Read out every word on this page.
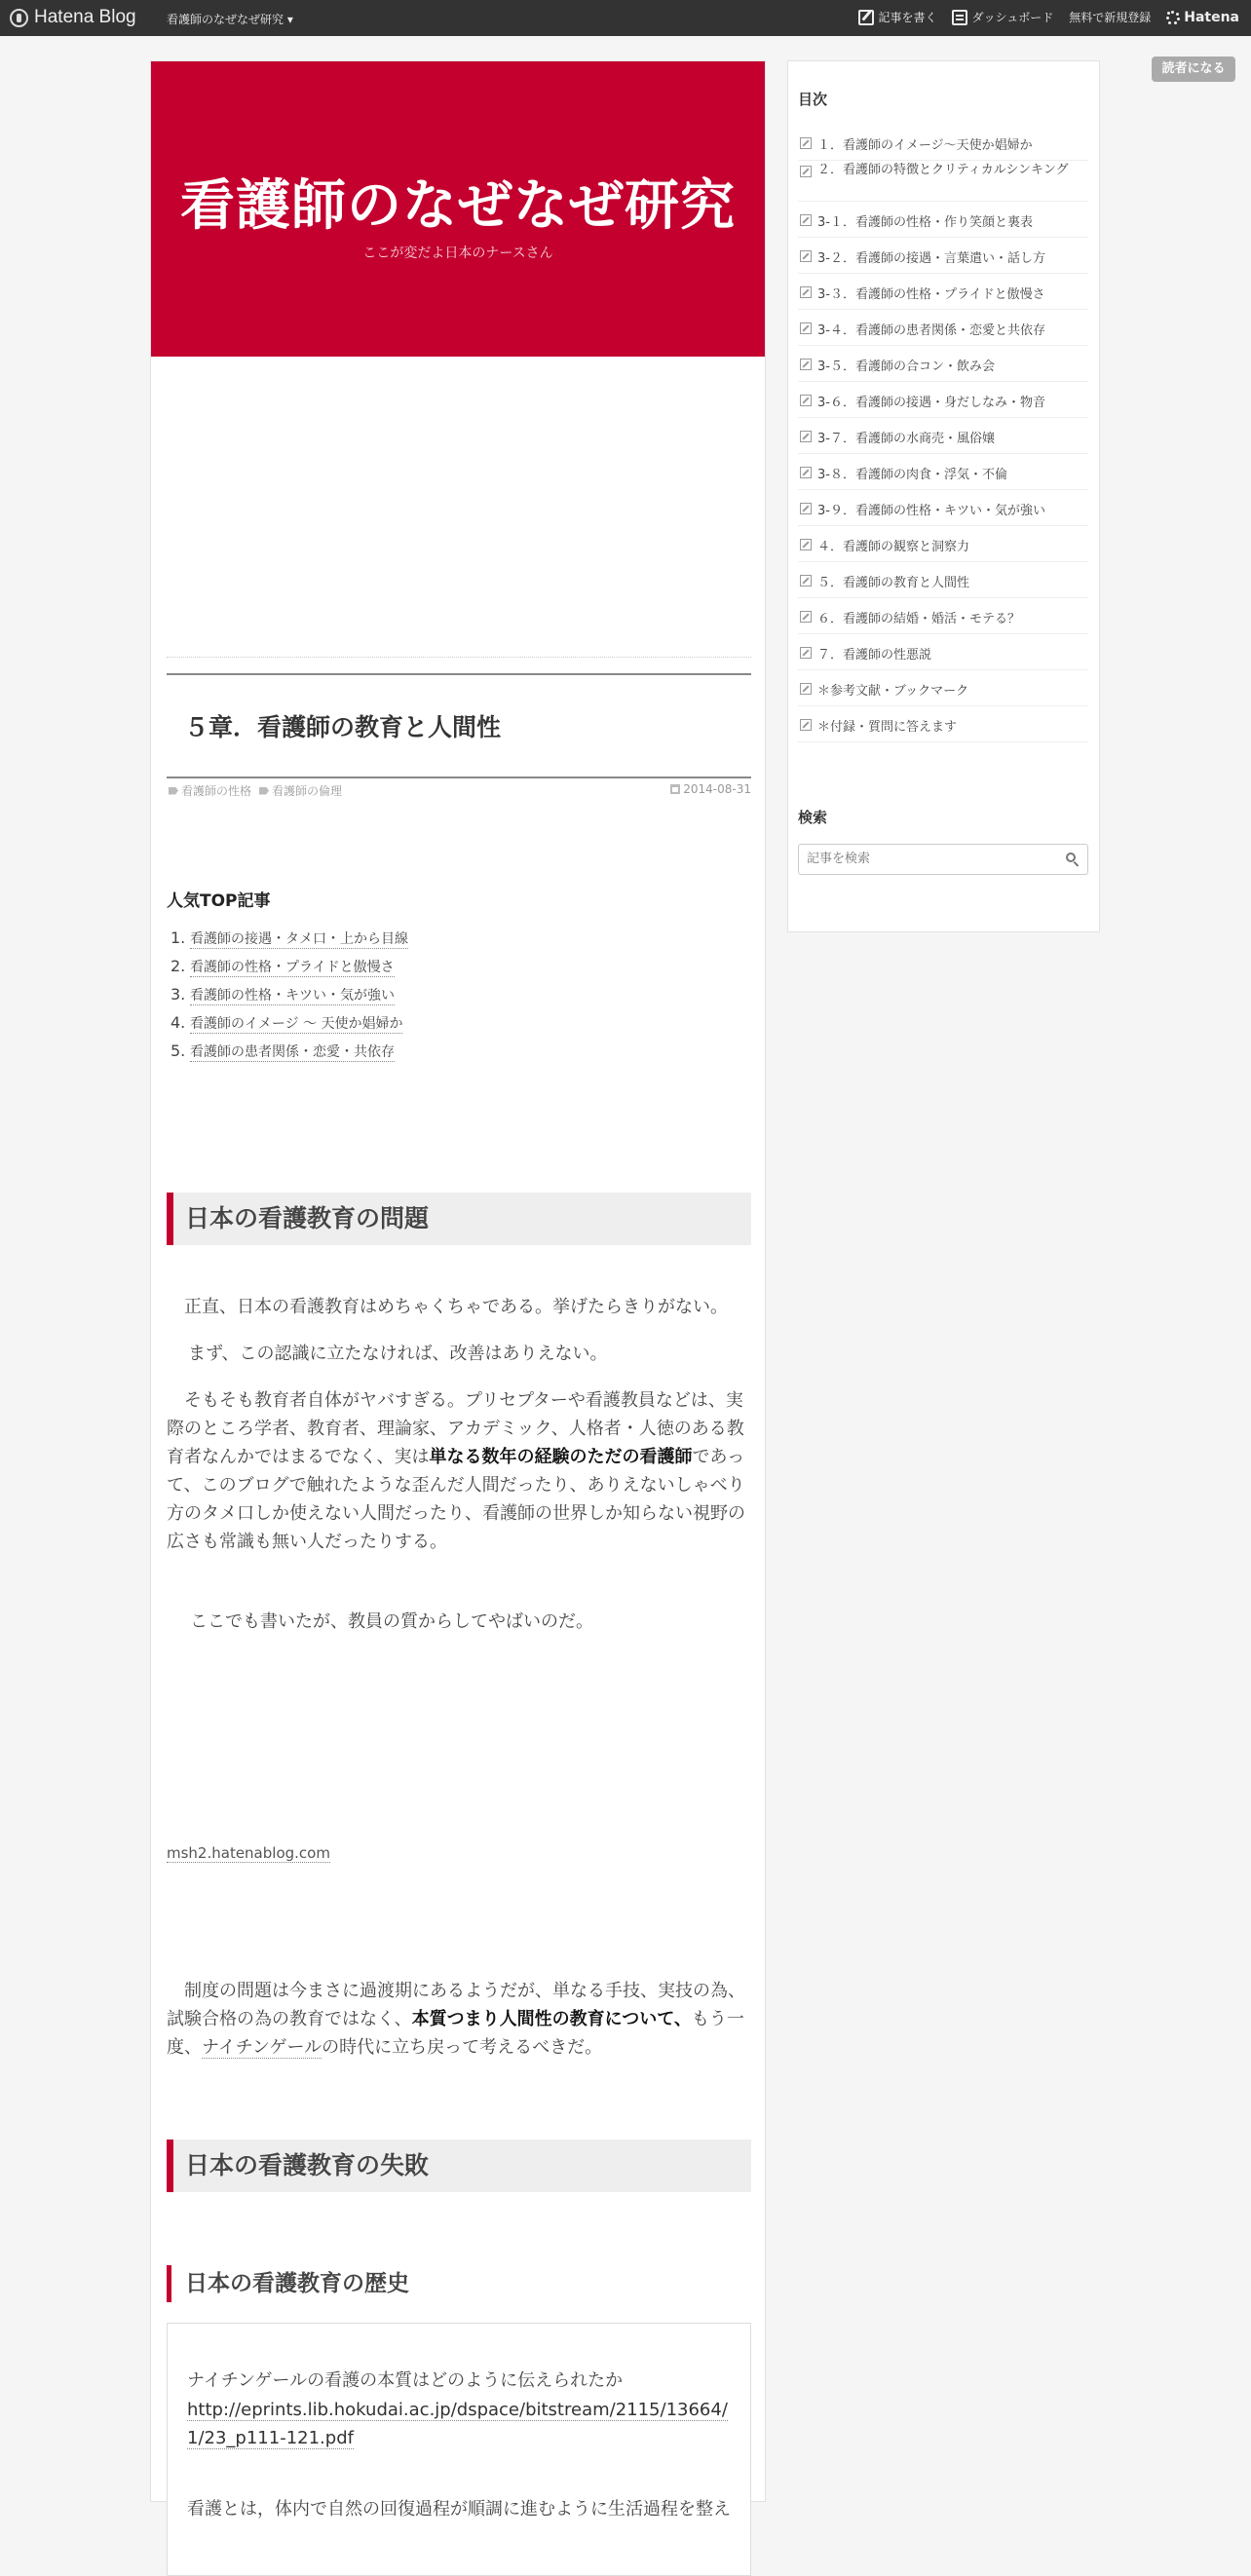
Hatena Blog	看護師のなぜなぜ研究 ▾	記事を書く	ダッシュボード 無料で新規登録 Hatena
読者になる
看護師のなぜなぜ研究
ここが変だよ日本のナースさん
５章．看護師の教育と人間性
看護師の性格 看護師の倫理	2014-08-31
人気TOP記事
1. 看護師の接遇・タメ口・上から目線
2. 看護師の性格・プライドと傲慢さ
3. 看護師の性格・キツい・気が強い
4. 看護師のイメージ 〜 天使か娼婦か
5. 看護師の患者関係・恋愛・共依存
日本の看護教育の問題

正直、日本の看護教育はめちゃくちゃである。挙げたらきりがない。

まず、この認識に立たなければ、改善はありえない。

そもそも教育者自体がヤバすぎる。プリセプターや看護教員などは、実際のところ学者、教育者、理論家、アカデミック、人格者・人徳のある教育者なんかではまるでなく、実は単なる数年の経験のただの看護師であって、このブログで触れたような歪んだ人間だったり、ありえないしゃべり方のタメ口しか使えない人間だったり、看護師の世界しか知らない視野の広さも常識も無い人だったりする。

ここでも書いたが、教員の質からしてやばいのだ。

msh2.hatenablog.com

制度の問題は今まさに過渡期にあるようだが、単なる手技、実技の為、試験合格の為の教育ではなく、本質つまり人間性の教育について、もう一度、ナイチンゲールの時代に立ち戻って考えるべきだ。

日本の看護教育の失敗
日本の看護教育の歴史
ナイチンゲールの看護の本質はどのように伝えられたか
http://eprints.lib.hokudai.ac.jp/dspace/bitstream/2115/13664/1/23_p111-121.pdf
看護とは，体内で自然の回復過程が順調に進むように生活過程を整え
目次
１．看護師のイメージ〜天使か娼婦か
２．看護師の特徴とクリティカルシンキング
3-１．看護師の性格・作り笑顔と裏表
3-２．看護師の接遇・言葉遣い・話し方
3-３．看護師の性格・プライドと傲慢さ
3-４．看護師の患者関係・恋愛と共依存
3-５．看護師の合コン・飲み会
3-６．看護師の接遇・身だしなみ・物音
3-７．看護師の水商売・風俗嬢
3-８．看護師の肉食・浮気・不倫
3-９．看護師の性格・キツい・気が強い
４．看護師の観察と洞察力
５．看護師の教育と人間性
６．看護師の結婚・婚活・モテる？
７．看護師の性悪説
＊参考文献・ブックマーク
＊付録・質問に答えます
検索
記事を検索
